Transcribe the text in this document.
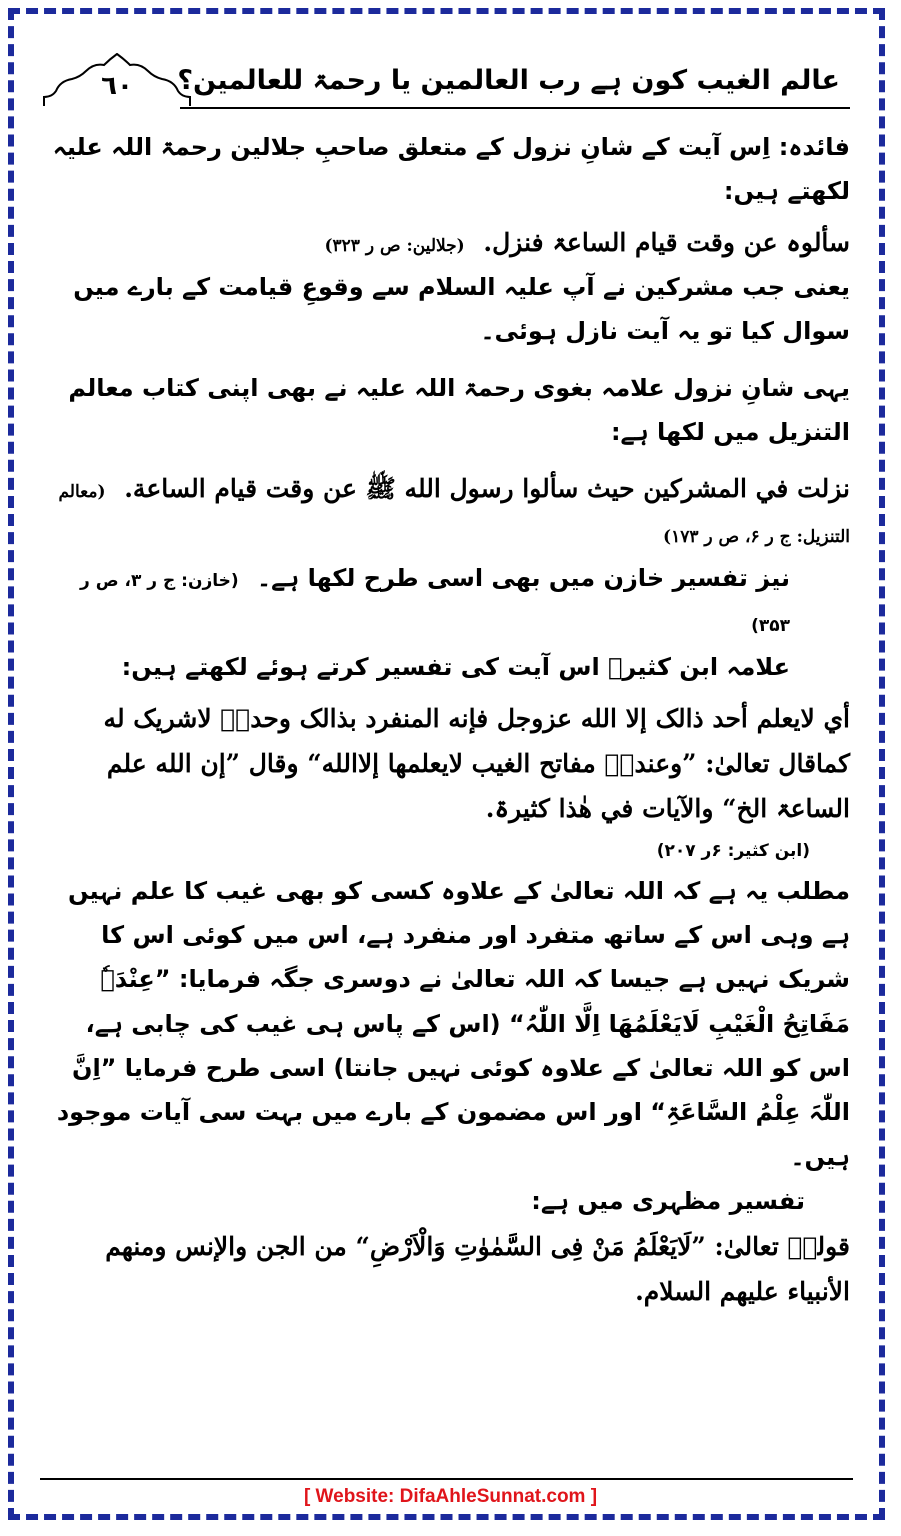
٦٠ عالم الغیب کون ہے رب العالمین یا رحمۃ للعالمین؟

فائدہ: اِس آیت کے شانِ نزول کے متعلق صاحبِ جلالین رحمۃ اللہ علیہ لکھتے ہیں:

سألوہ عن وقت قیام الساعۃ فنزل. (جلالین: ص ر ۳۲۳)

یعنی جب مشرکین نے آپ علیہ السلام سے وقوعِ قیامت کے بارے میں سوال کیا تو یہ آیت نازل ہوئی۔

یہی شانِ نزول علامہ بغوی رحمۃ اللہ علیہ نے بھی اپنی کتاب معالم التنزیل میں لکھا ہے:

نزلت في المشركين حيث سألوا رسول الله ﷺ عن وقت قيام الساعة. (معالم التنزیل: ج ر ۶، ص ر ۱۷۳)

نیز تفسیر خازن میں بھی اسی طرح لکھا ہے۔ (خازن: ج ر ۳، ص ر ۳۵۳)

علامہ ابن کثیرؒ اس آیت کی تفسیر کرتے ہوئے لکھتے ہیں:

أي لايعلم أحد ذالک إلا الله عزوجل فإنه المنفرد بذالک وحدہٗ لاشریک له کماقال تعالیٰ: ”وعندہٗ مفاتح الغیب لایعلمها إلاالله“ وقال ”إن الله علم الساعۃ الخ“ والآیات في هٰذا کثیرۃ.

(ابن کثیر: ۶ر ۲۰۷)

مطلب یہ ہے کہ اللہ تعالیٰ کے علاوہ کسی کو بھی غیب کا علم نہیں ہے وہی اس کے ساتھ متفرد اور منفرد ہے، اس میں کوئی اس کا شریک نہیں ہے جیسا کہ اللہ تعالیٰ نے دوسری جگہ فرمایا: ”عِنْدَہٗ مَفَاتِحُ الْغَیْبِ لَایَعْلَمُهَا اِلَّا اللّٰہُ“ (اس کے پاس ہی غیب کی چابی ہے، اس کو اللہ تعالیٰ کے علاوہ کوئی نہیں جانتا) اسی طرح فرمایا ”اِنَّ اللّٰہَ عِلْمُ السَّاعَۃِ“ اور اس مضمون کے بارے میں بہت سی آیات موجود ہیں۔

تفسیر مظہری میں ہے:

قولہٗ تعالیٰ: ”لَایَعْلَمُ مَنْ فِی السَّمٰوٰتِ وَالْاَرْضِ“ من الجن والإنس ومنهم الأنبیاء علیهم السلام.

[ Website: DifaAhleSunnat.com ]
